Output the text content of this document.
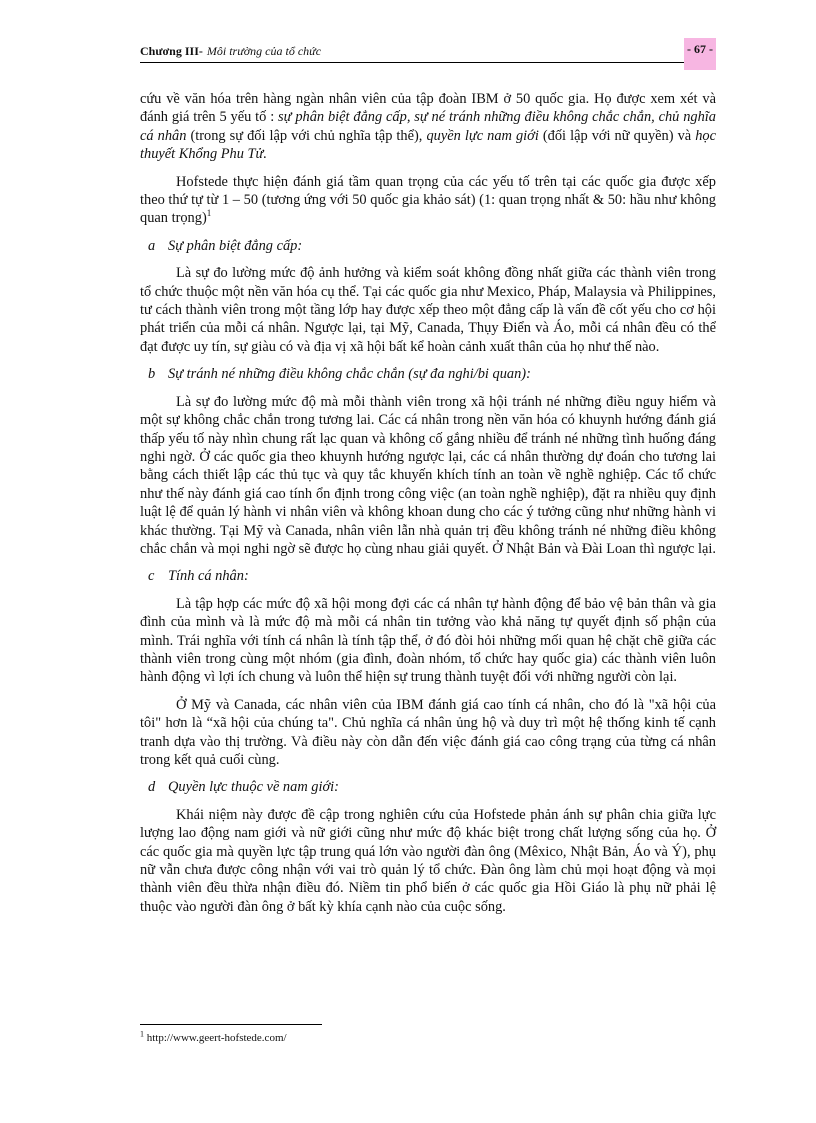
Chương III- Môi trường của tổ chức	- 67 -

cứu về văn hóa trên hàng ngàn nhân viên của tập đoàn IBM ở 50 quốc gia. Họ được xem xét và đánh giá trên 5 yếu tố : sự phân biệt đẳng cấp, sự né tránh những điều không chắc chắn, chủ nghĩa cá nhân (trong sự đối lập với chủ nghĩa tập thể), quyền lực nam giới (đối lập với nữ quyền) và học thuyết Khổng Phu Tử.

Hofstede thực hiện đánh giá tầm quan trọng của các yếu tố trên tại các quốc gia được xếp theo thứ tự từ 1 – 50 (tương ứng với 50 quốc gia khảo sát) (1: quan trọng nhất & 50: hầu như không quan trọng)$^1$

a Sự phân biệt đẳng cấp:

Là sự đo lường mức độ ảnh hưởng và kiểm soát không đồng nhất giữa các thành viên trong tổ chức thuộc một nền văn hóa cụ thể. Tại các quốc gia như Mexico, Pháp, Malaysia và Philippines, tư cách thành viên trong một tầng lớp hay được xếp theo một đẳng cấp là vấn đề cốt yếu cho cơ hội phát triển của mỗi cá nhân. Ngược lại, tại Mỹ, Canada, Thụy Điển và Áo, mỗi cá nhân đều có thể đạt được uy tín, sự giàu có và địa vị xã hội bất kể hoàn cảnh xuất thân của họ như thế nào.

b Sự tránh né những điều không chắc chắn (sự đa nghi/bi quan):

Là sự đo lường mức độ mà mỗi thành viên trong xã hội tránh né những điều nguy hiểm và một sự không chắc chắn trong tương lai. Các cá nhân trong nền văn hóa có khuynh hướng đánh giá thấp yếu tố này nhìn chung rất lạc quan và không cố gắng nhiều để tránh né những tình huống đáng nghi ngờ. Ở các quốc gia theo khuynh hướng ngược lại, các cá nhân thường dự đoán cho tương lai bằng cách thiết lập các thủ tục và quy tắc khuyến khích tính an toàn về nghề nghiệp. Các tổ chức như thế này đánh giá cao tính ổn định trong công việc (an toàn nghề nghiệp), đặt ra nhiều quy định luật lệ để quản lý hành vi nhân viên và không khoan dung cho các ý tưởng cũng như những hành vi khác thường. Tại Mỹ và Canada, nhân viên lẫn nhà quản trị đều không tránh né những điều không chắc chắn và mọi nghi ngờ sẽ được họ cùng nhau giải quyết. Ở Nhật Bản và Đài Loan thì ngược lại.

c Tính cá nhân:

Là tập hợp các mức độ xã hội mong đợi các cá nhân tự hành động để bảo vệ bản thân và gia đình của mình và là mức độ mà mỗi cá nhân tin tưởng vào khả năng tự quyết định số phận của mình. Trái nghĩa với tính cá nhân là tính tập thể, ở đó đòi hỏi những mối quan hệ chặt chẽ giữa các thành viên trong cùng một nhóm (gia đình, đoàn nhóm, tổ chức hay quốc gia) các thành viên luôn hành động vì lợi ích chung và luôn thể hiện sự trung thành tuyệt đối với những người còn lại.

Ở Mỹ và Canada, các nhân viên của IBM đánh giá cao tính cá nhân, cho đó là "xã hội của tôi" hơn là “xã hội của chúng ta". Chủ nghĩa cá nhân ủng hộ và duy trì một hệ thống kinh tế cạnh tranh dựa vào thị trường. Và điều này còn dẫn đến việc đánh giá cao công trạng của từng cá nhân trong kết quả cuối cùng.

d Quyền lực thuộc về nam giới:

Khái niệm này được đề cập trong nghiên cứu của Hofstede phản ánh sự phân chia giữa lực lượng lao động nam giới và nữ giới cũng như mức độ khác biệt trong chất lượng sống của họ. Ở các quốc gia mà quyền lực tập trung quá lớn vào người đàn ông (Mêxico, Nhật Bản, Áo và Ý), phụ nữ vẫn chưa được công nhận với vai trò quản lý tổ chức. Đàn ông làm chủ mọi hoạt động và mọi thành viên đều thừa nhận điều đó. Niềm tin phổ biến ở các quốc gia Hồi Giáo là phụ nữ phải lệ thuộc vào người đàn ông ở bất kỳ khía cạnh nào của cuộc sống.

$^1$ http://www.geert-hofstede.com/
